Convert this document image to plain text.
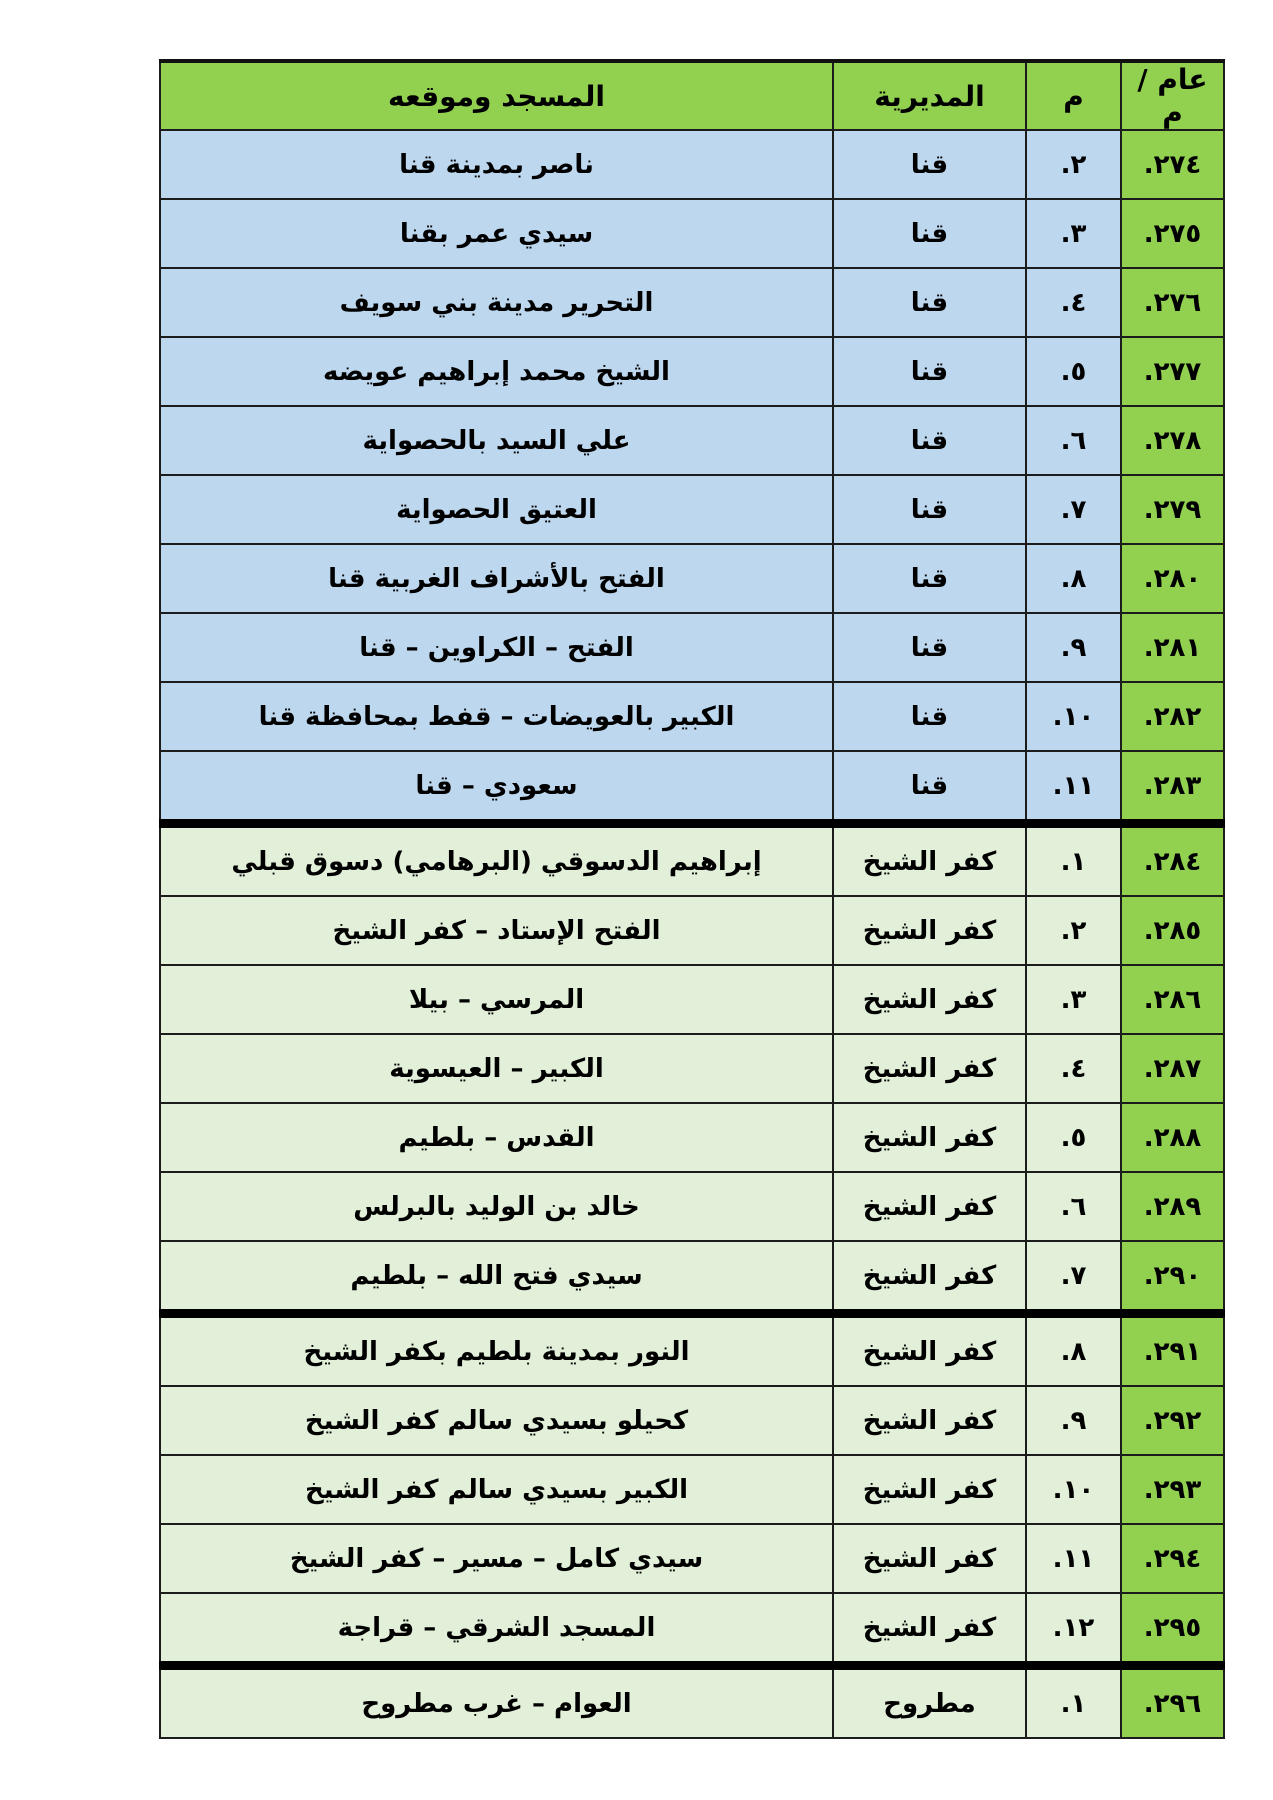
عام /م	م	المديرية	المسجد وموقعه
.٢٧٤	.٢	قنا	ناصر بمدينة قنا
.٢٧٥	.٣	قنا	سيدي عمر بقنا
.٢٧٦	.٤	قنا	التحرير مدينة بني سويف
.٢٧٧	.٥	قنا	الشيخ محمد إبراهيم عويضه
.٢٧٨	.٦	قنا	علي السيد بالحصواية
.٢٧٩	.٧	قنا	العتيق الحصواية
.٢٨٠	.٨	قنا	الفتح بالأشراف الغربية قنا
.٢٨١	.٩	قنا	الفتح – الكراوين – قنا
.٢٨٢	.١٠	قنا	الكبير بالعويضات – قفط بمحافظة قنا
.٢٨٣	.١١	قنا	سعودي – قنا
.٢٨٤	.١	كفر الشيخ	إبراهيم الدسوقي (البرهامي) دسوق قبلي
.٢٨٥	.٢	كفر الشيخ	الفتح الإستاد – كفر الشيخ
.٢٨٦	.٣	كفر الشيخ	المرسي – بيلا
.٢٨٧	.٤	كفر الشيخ	الكبير – العيسوية
.٢٨٨	.٥	كفر الشيخ	القدس – بلطيم
.٢٨٩	.٦	كفر الشيخ	خالد بن الوليد بالبرلس
.٢٩٠	.٧	كفر الشيخ	سيدي فتح الله – بلطيم
.٢٩١	.٨	كفر الشيخ	النور بمدينة بلطيم بكفر الشيخ
.٢٩٢	.٩	كفر الشيخ	كحيلو بسيدي سالم كفر الشيخ
.٢٩٣	.١٠	كفر الشيخ	الكبير بسيدي سالم كفر الشيخ
.٢٩٤	.١١	كفر الشيخ	سيدي كامل – مسير – كفر الشيخ
.٢٩٥	.١٢	كفر الشيخ	المسجد الشرقي – قراجة
.٢٩٦	.١	مطروح	العوام – غرب مطروح
